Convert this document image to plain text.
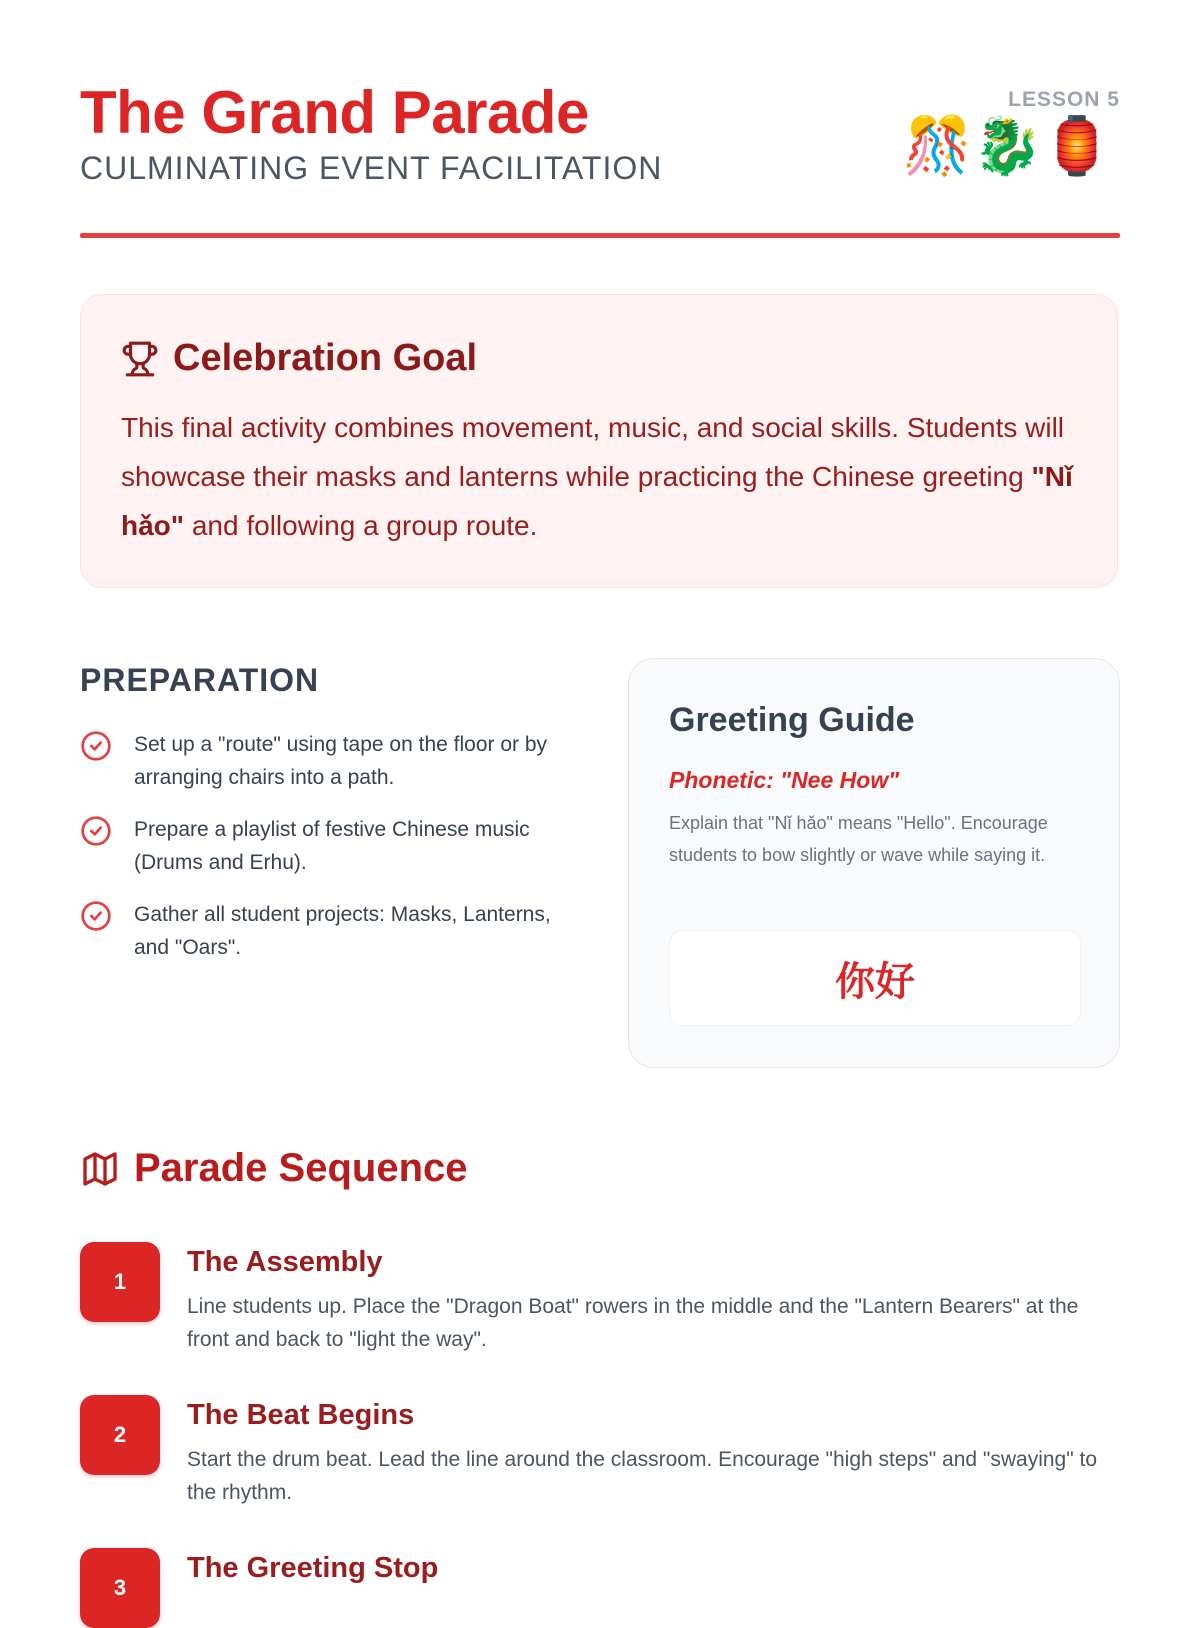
The Grand Parade
CULMINATING EVENT FACILITATION
LESSON 5
🎊🐉🏮
Celebration Goal
This final activity combines movement, music, and social skills. Students will showcase their masks and lanterns while practicing the Chinese greeting "Nǐ hǎo" and following a group route.
PREPARATION
Set up a "route" using tape on the floor or by arranging chairs into a path.
Prepare a playlist of festive Chinese music (Drums and Erhu).
Gather all student projects: Masks, Lanterns, and "Oars".
Greeting Guide
Phonetic: "Nee How"
Explain that "Nǐ hǎo" means "Hello". Encourage students to bow slightly or wave while saying it.
你好
Parade Sequence
1
The Assembly
Line students up. Place the "Dragon Boat" rowers in the middle and the "Lantern Bearers" at the front and back to "light the way".
2
The Beat Begins
Start the drum beat. Lead the line around the classroom. Encourage "high steps" and "swaying" to the rhythm.
3
The Greeting Stop
